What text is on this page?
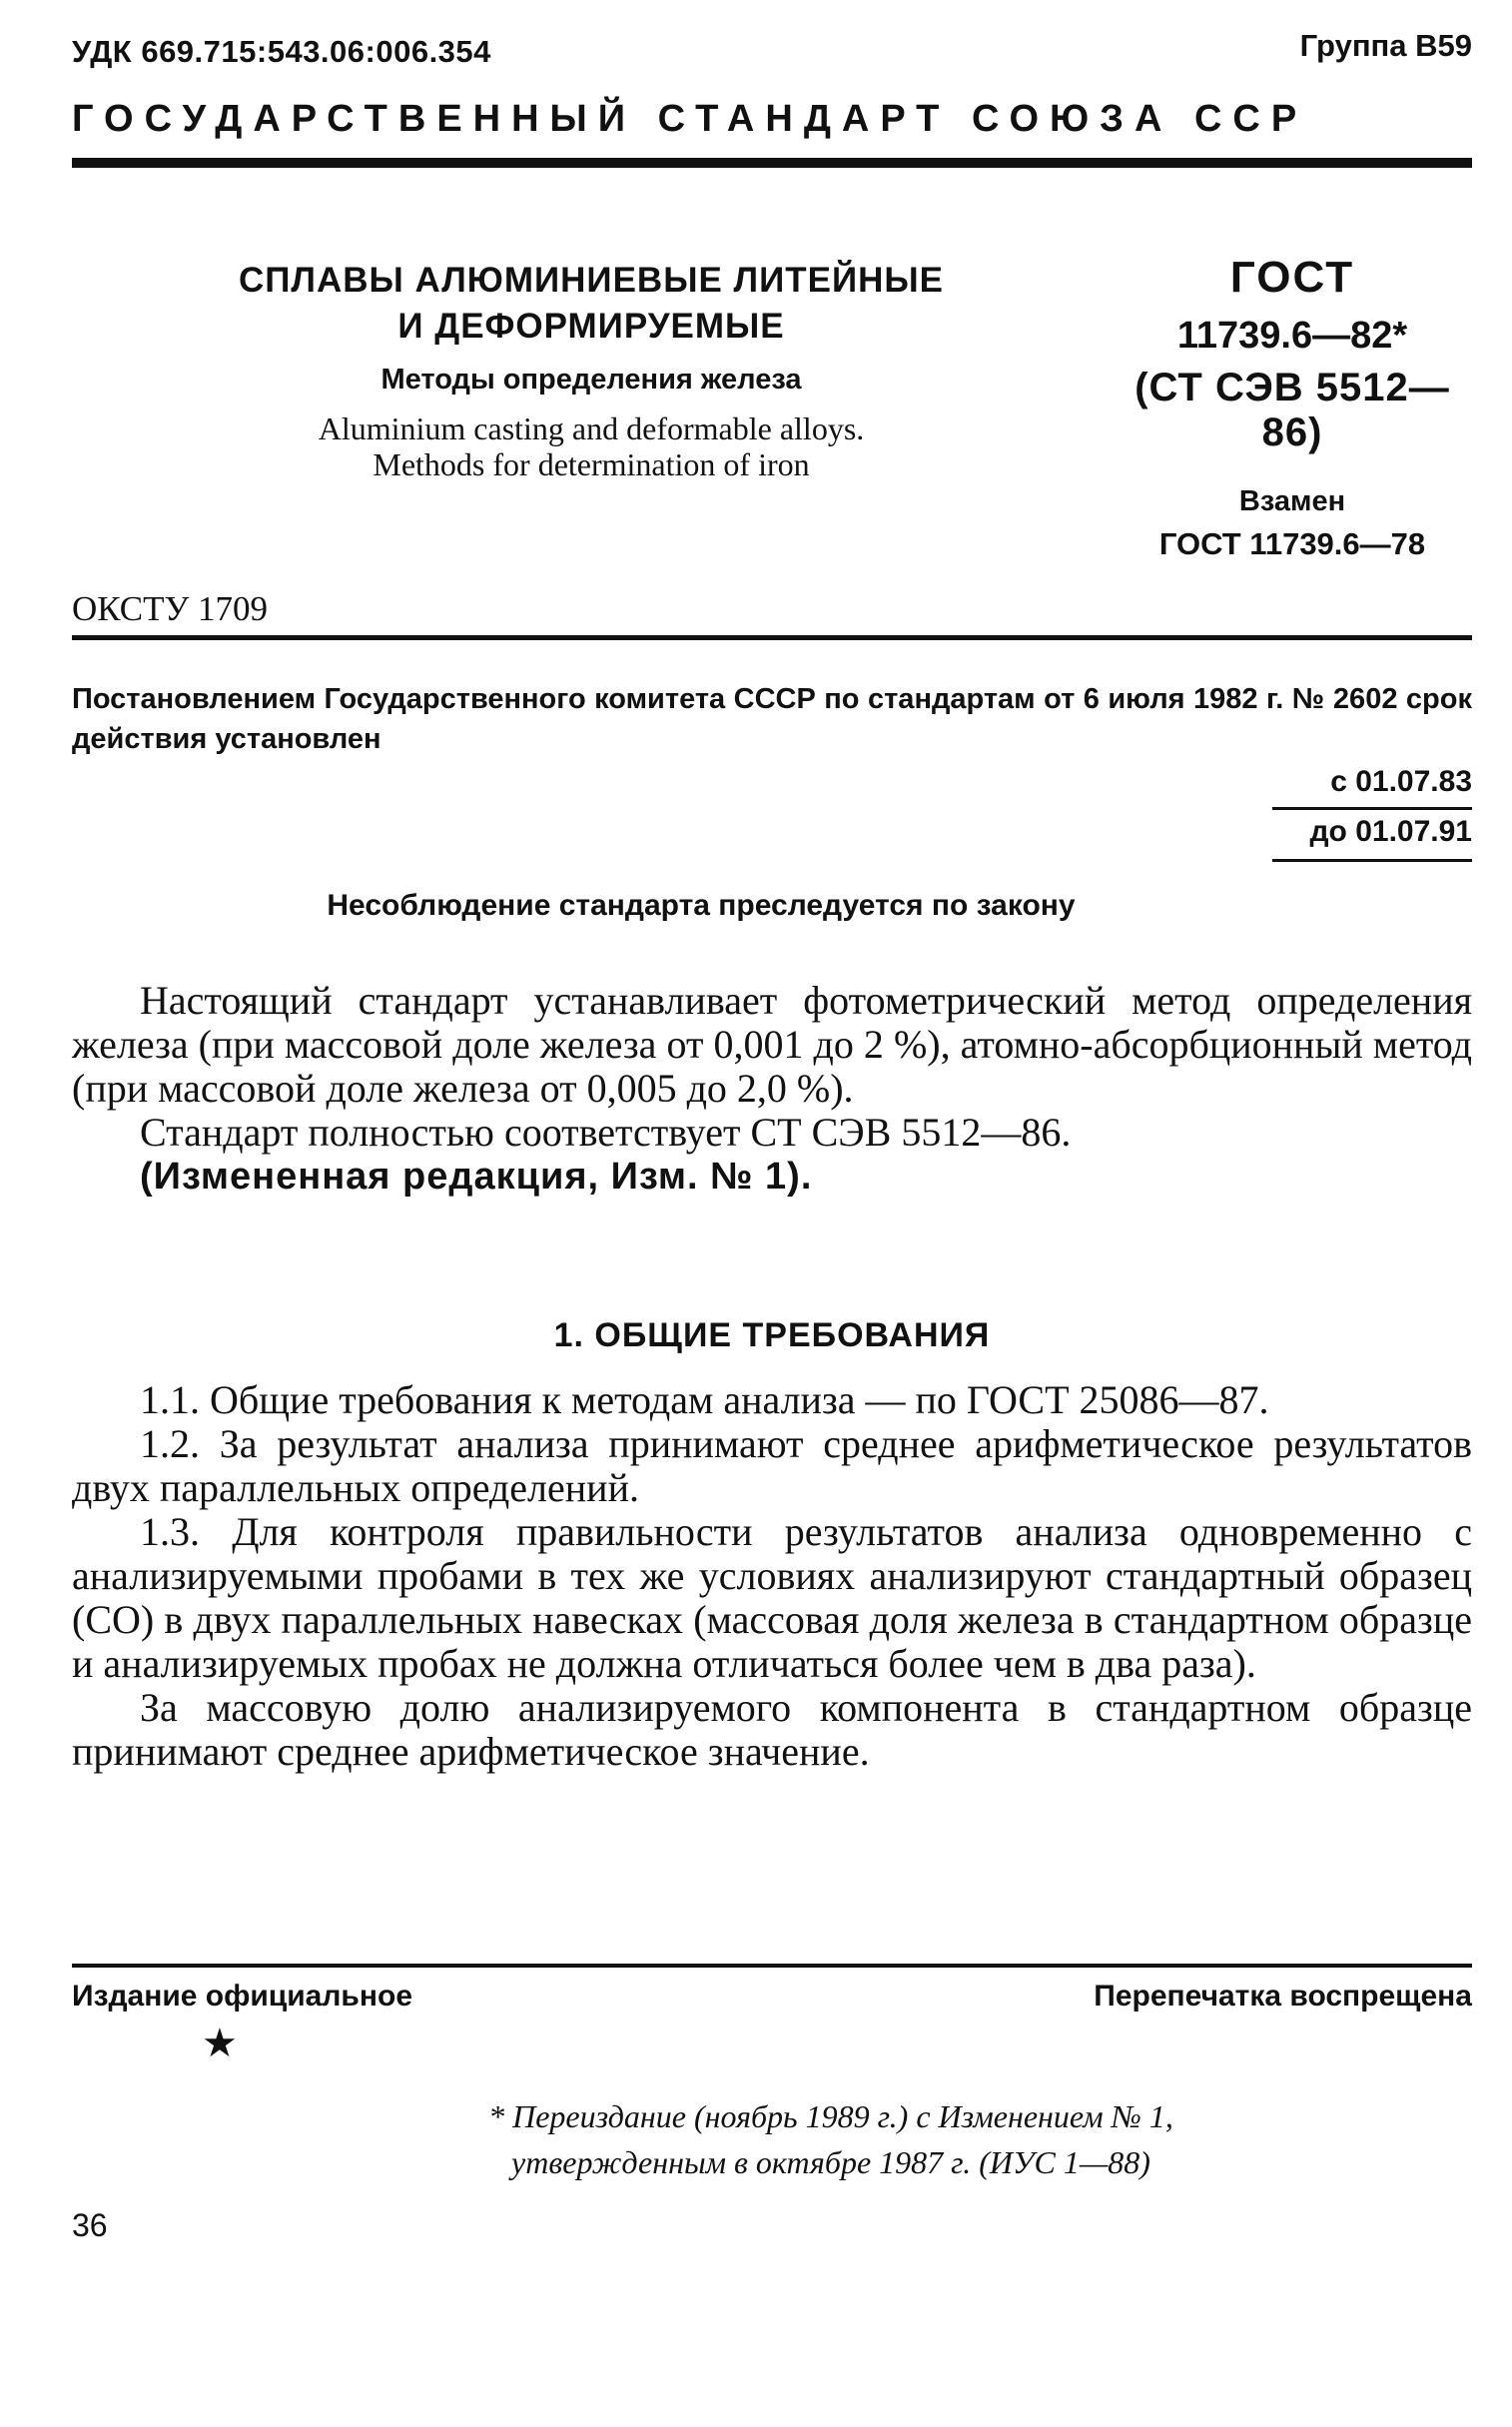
УДК 669.715:543.06:006.354	Группа В59
ГОСУДАРСТВЕННЫЙ СТАНДАРТ СОЮЗА ССР
СПЛАВЫ АЛЮМИНИЕВЫЕ ЛИТЕЙНЫЕ
И ДЕФОРМИРУЕМЫЕ
Методы определения железа
Aluminium casting and deformable alloys.
Methods for determination of iron
ГОСТ
11739.6—82*
(СТ СЭВ 5512—86)
Взамен
ГОСТ 11739.6—78
ОКСТУ 1709
Постановлением Государственного комитета СССР по стандартам от 6 июля 1982 г. № 2602 срок действия установлен
с 01.07.83
до 01.07.91
Несоблюдение стандарта преследуется по закону

Настоящий стандарт устанавливает фотометрический метод определения железа (при массовой доле железа от 0,001 до 2 %), атомно-абсорбционный метод (при массовой доле железа от 0,005 до 2,0 %).

Стандарт полностью соответствует СТ СЭВ 5512—86.

(Измененная редакция, Изм. № 1).

1. ОБЩИЕ ТРЕБОВАНИЯ

1.1. Общие требования к методам анализа — по ГОСТ 25086—87.

1.2. За результат анализа принимают среднее арифметическое результатов двух параллельных определений.

1.3. Для контроля правильности результатов анализа одновременно с анализируемыми пробами в тех же условиях анализируют стандартный образец (СО) в двух параллельных навесках (массовая доля железа в стандартном образце и анализируемых пробах не должна отличаться более чем в два раза).

За массовую долю анализируемого компонента в стандартном образце принимают среднее арифметическое значение.

Издание официальное	Перепечатка воспрещена
★
* Переиздание (ноябрь 1989 г.) с Изменением № 1,
утвержденным в октябре 1987 г. (ИУС 1—88)
36
